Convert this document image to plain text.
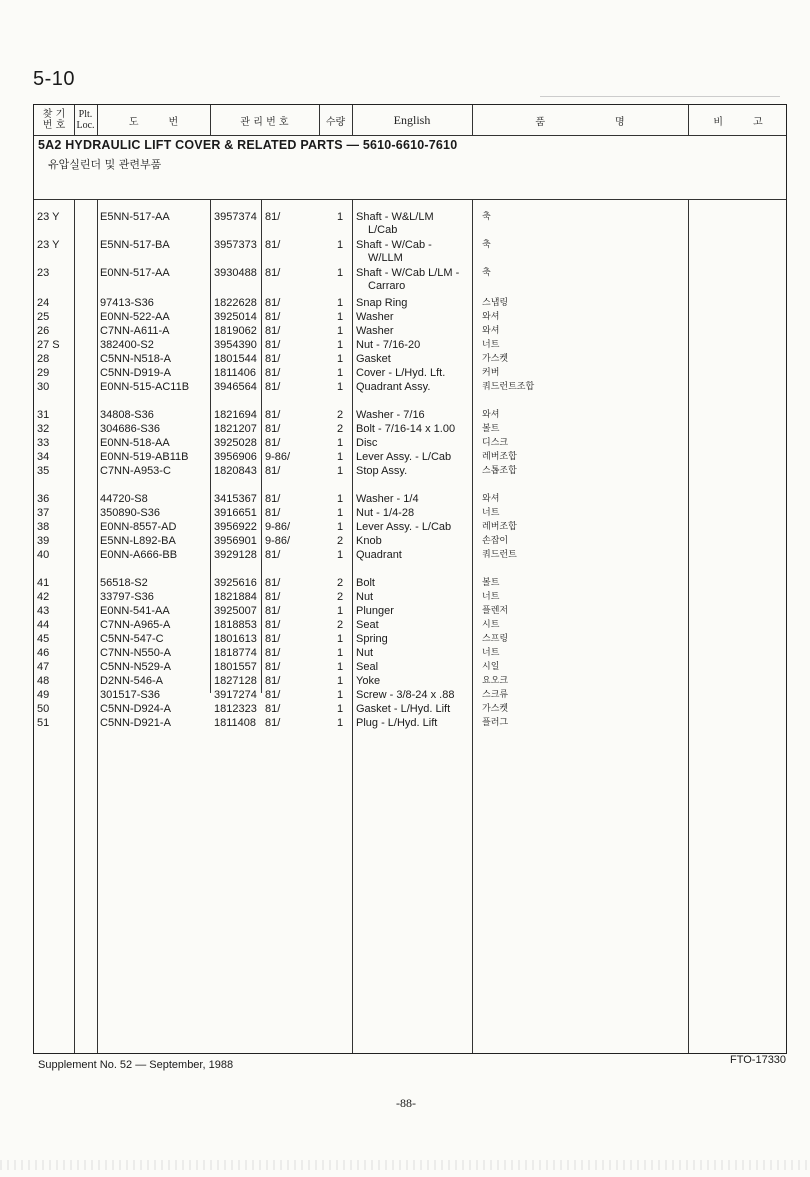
5-10
찾 기
번 호
Plt.
Loc.	도　　　번	관 리 번 호	수량	English	품　　　　　　　명	비　　　고
5A2 HYDRAULIC LIFT COVER & RELATED PARTS — 5610-6610-7610
유압실린더 및 관련부품
23 Y	E5NN-517-AA	3957374 81/	1 Shaft - W&L/LM	축
L/Cab
23 Y	E5NN-517-BA	3957373 81/	1 Shaft - W/Cab -	축
W/LLM
23	E0NN-517-AA	3930488 81/	1 Shaft - W/Cab L/LM -	축
Carraro
24	97413-S36	1822628 81/	1 Snap Ring	스냅링
25	E0NN-522-AA	3925014 81/	1 Washer	와셔
26	C7NN-A611-A	1819062 81/	1 Washer	와셔
27 S	382400-S2	3954390 81/	1 Nut - 7/16-20	너트
28	C5NN-N518-A	1801544 81/	1 Gasket	가스켓
29	C5NN-D919-A	1811406 81/	1 Cover - L/Hyd. Lft.	커버
30	E0NN-515-AC11B 3946564 81/	1 Quadrant Assy.	쿼드런트조합
31	34808-S36	1821694 81/	2 Washer - 7/16	와셔
32	304686-S36	1821207 81/	2 Bolt - 7/16-14 x 1.00	볼트
33	E0NN-518-AA	3925028 81/	1 Disc	디스크
34	E0NN-519-AB11B 3956906 9-86/	1 Lever Assy. - L/Cab	레버조합
35	C7NN-A953-C	1820843 81/	1 Stop Assy.	스톱조합
36	44720-S8	3415367 81/	1 Washer - 1/4	와셔
37	350890-S36	3916651 81/	1 Nut - 1/4-28	너트
38	E0NN-8557-AD	3956922 9-86/	1 Lever Assy. - L/Cab	레버조합
39	E5NN-L892-BA	3956901 9-86/	2 Knob	손잡이
40	E0NN-A666-BB	3929128 81/	1 Quadrant	쿼드런트
41	56518-S2	3925616 81/	2 Bolt	볼트
42	33797-S36	1821884 81/	2 Nut	너트
43	E0NN-541-AA	3925007 81/	1 Plunger	플렌저
44	C7NN-A965-A	1818853 81/	2 Seat	시트
45	C5NN-547-C	1801613 81/	1 Spring	스프링
46	C7NN-N550-A	1818774 81/	1 Nut	너트
47	C5NN-N529-A	1801557 81/	1 Seal	시일
48	D2NN-546-A	1827128 81/	1 Yoke	요오크
49	301517-S36	3917274 81/	1 Screw - 3/8-24 x .88	스크류
50	C5NN-D924-A	1812323 81/	1 Gasket - L/Hyd. Lift	가스켓
51	C5NN-D921-A	1811408 81/	1 Plug - L/Hyd. Lift	플러그
Supplement No. 52 — September, 1988	FTO-17330
-88-
